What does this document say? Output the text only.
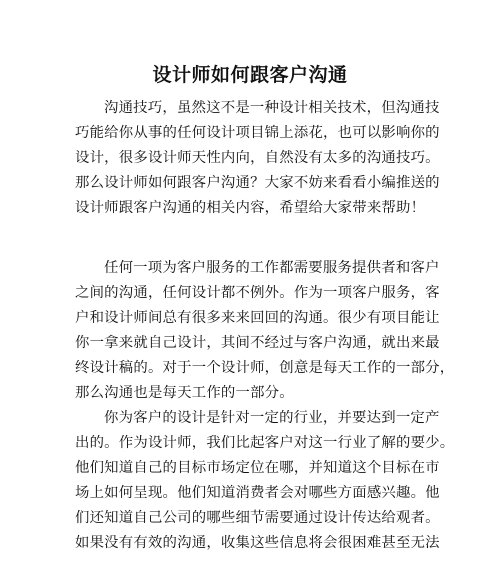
设计师如何跟客户沟通
沟通技巧，虽然这不是一种设计相关技术，但沟通技
巧能给你从事的任何设计项目锦上添花，也可以影响你的
设计，很多设计师天性内向，自然没有太多的沟通技巧。
那么设计师如何跟客户沟通？大家不妨来看看小编推送的
设计师跟客户沟通的相关内容，希望给大家带来帮助！
任何一项为客户服务的工作都需要服务提供者和客户
之间的沟通，任何设计都不例外。作为一项客户服务，客
户和设计师间总有很多来来回回的沟通。很少有项目能让
你一拿来就自己设计，其间不经过与客户沟通，就出来最
终设计稿的。对于一个设计师，创意是每天工作的一部分，
那么沟通也是每天工作的一部分。
你为客户的设计是针对一定的行业，并要达到一定产
出的。作为设计师，我们比起客户对这一行业了解的要少。
他们知道自己的目标市场定位在哪，并知道这个目标在市
场上如何呈现。他们知道消费者会对哪些方面感兴趣。他
们还知道自己公司的哪些细节需要通过设计传达给观者。
如果没有有效的沟通，收集这些信息将会很困难甚至无法
